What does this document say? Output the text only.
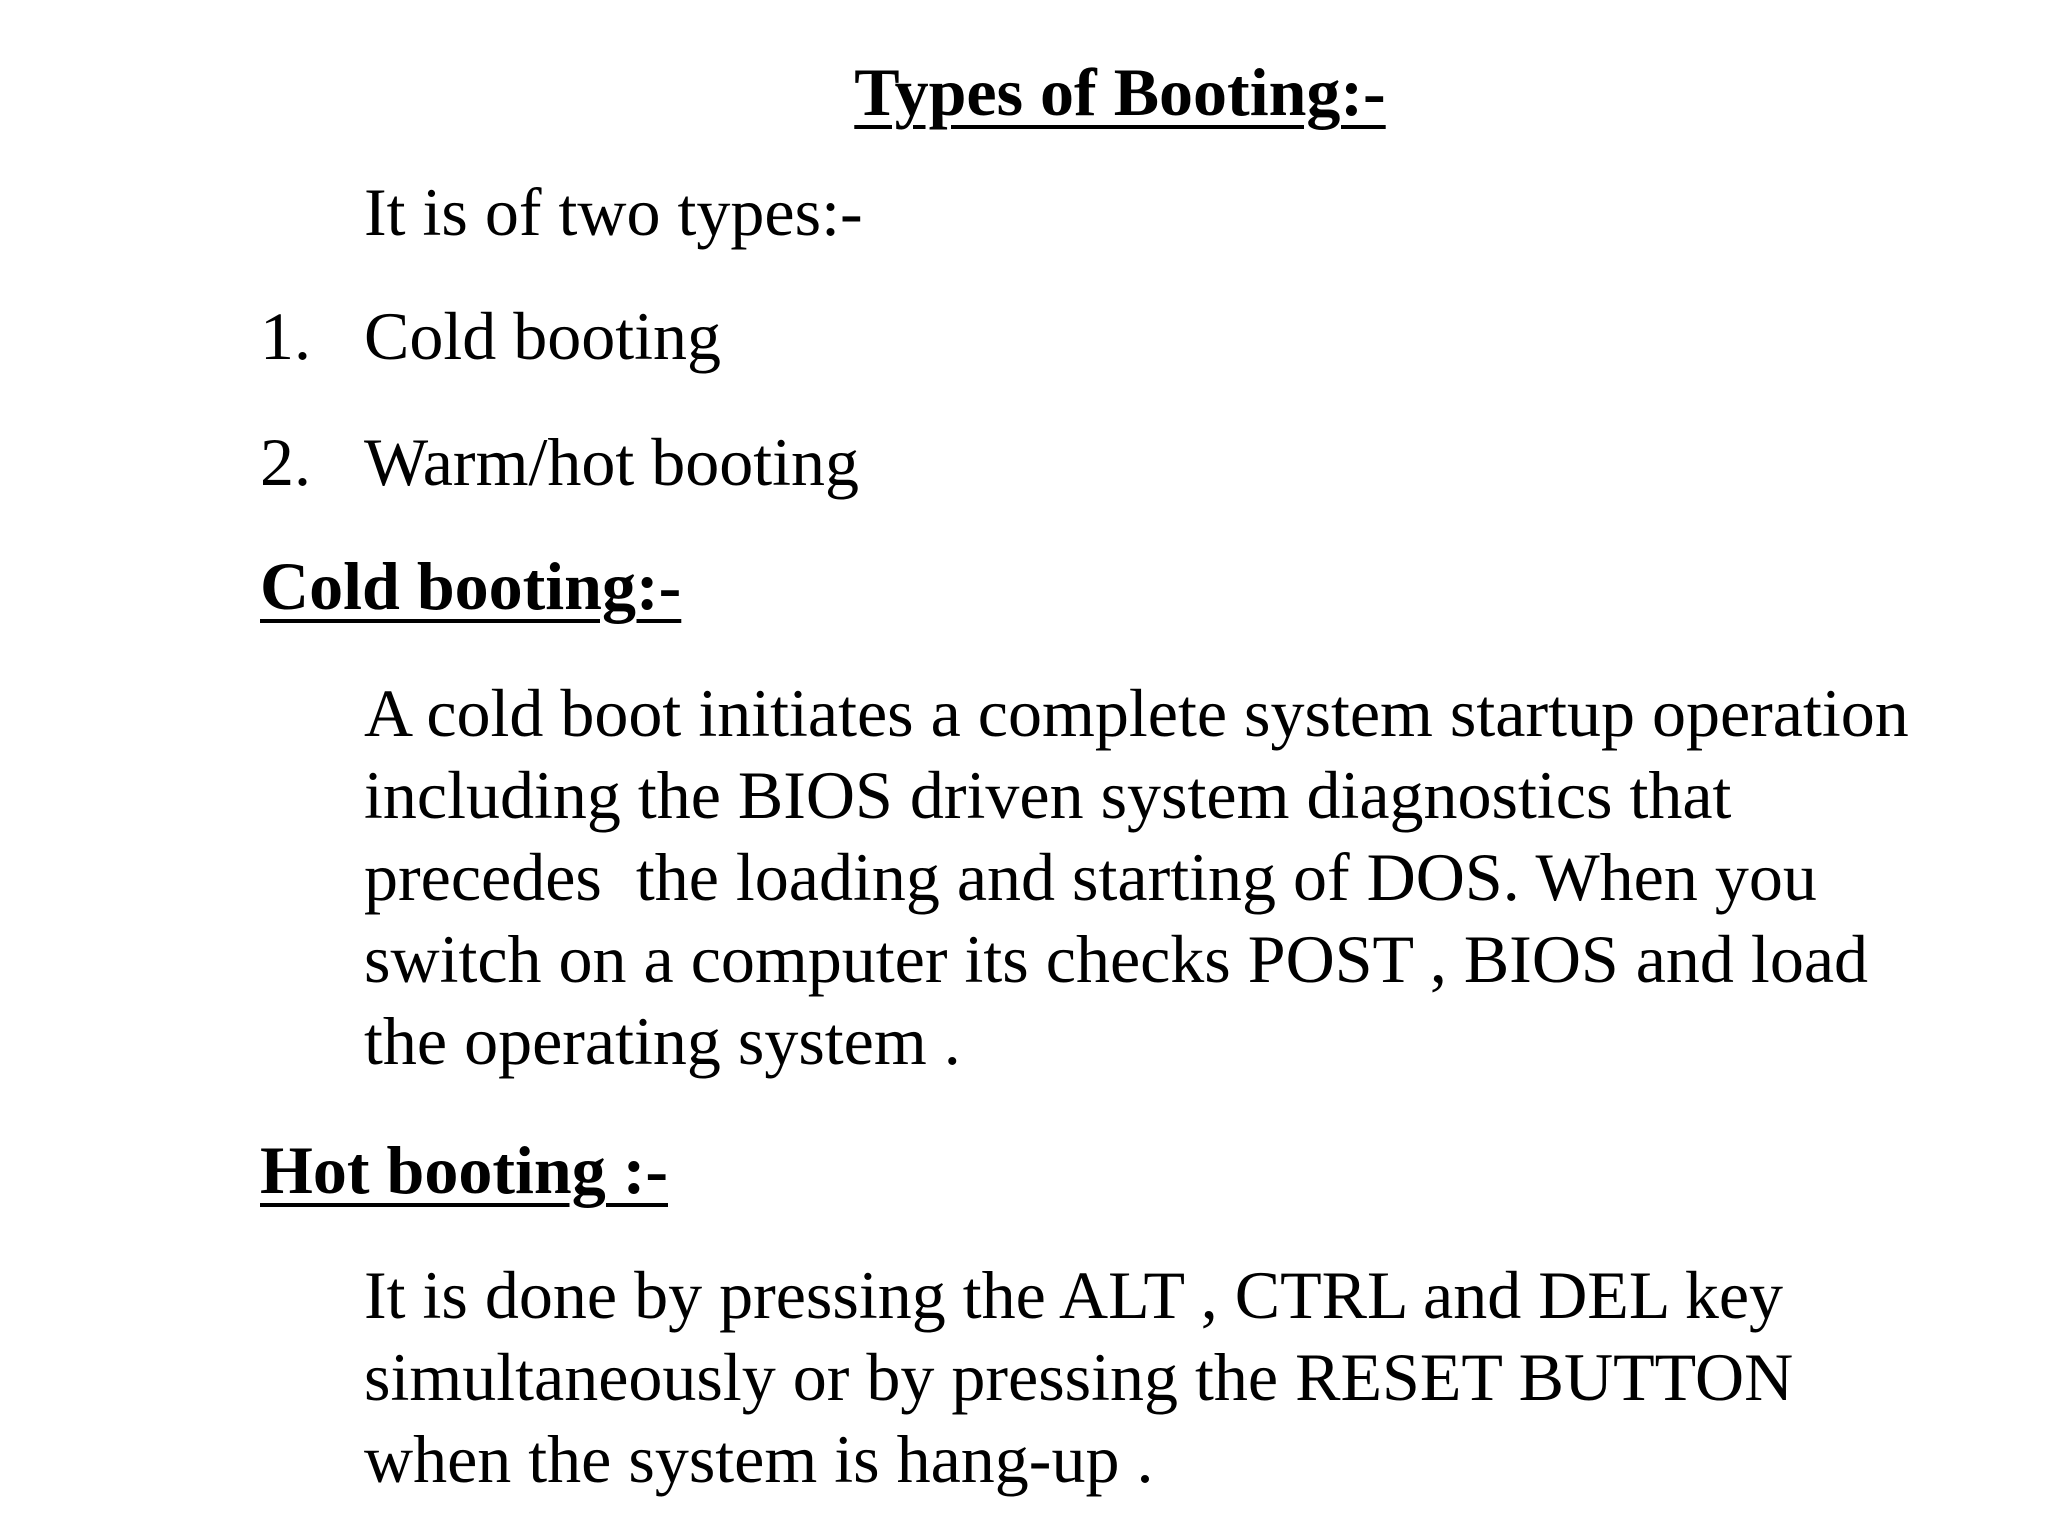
Types of Booting:-
It is of two types:-
1. Cold booting
2. Warm/hot booting
Cold booting:-
A cold boot initiates a complete system startup operation
including the BIOS driven system diagnostics that
precedes  the loading and starting of DOS. When you
switch on a computer its checks POST , BIOS and load
the operating system .
Hot booting :-
It is done by pressing the ALT , CTRL and DEL key
simultaneously or by pressing the RESET BUTTON
when the system is hang-up .
